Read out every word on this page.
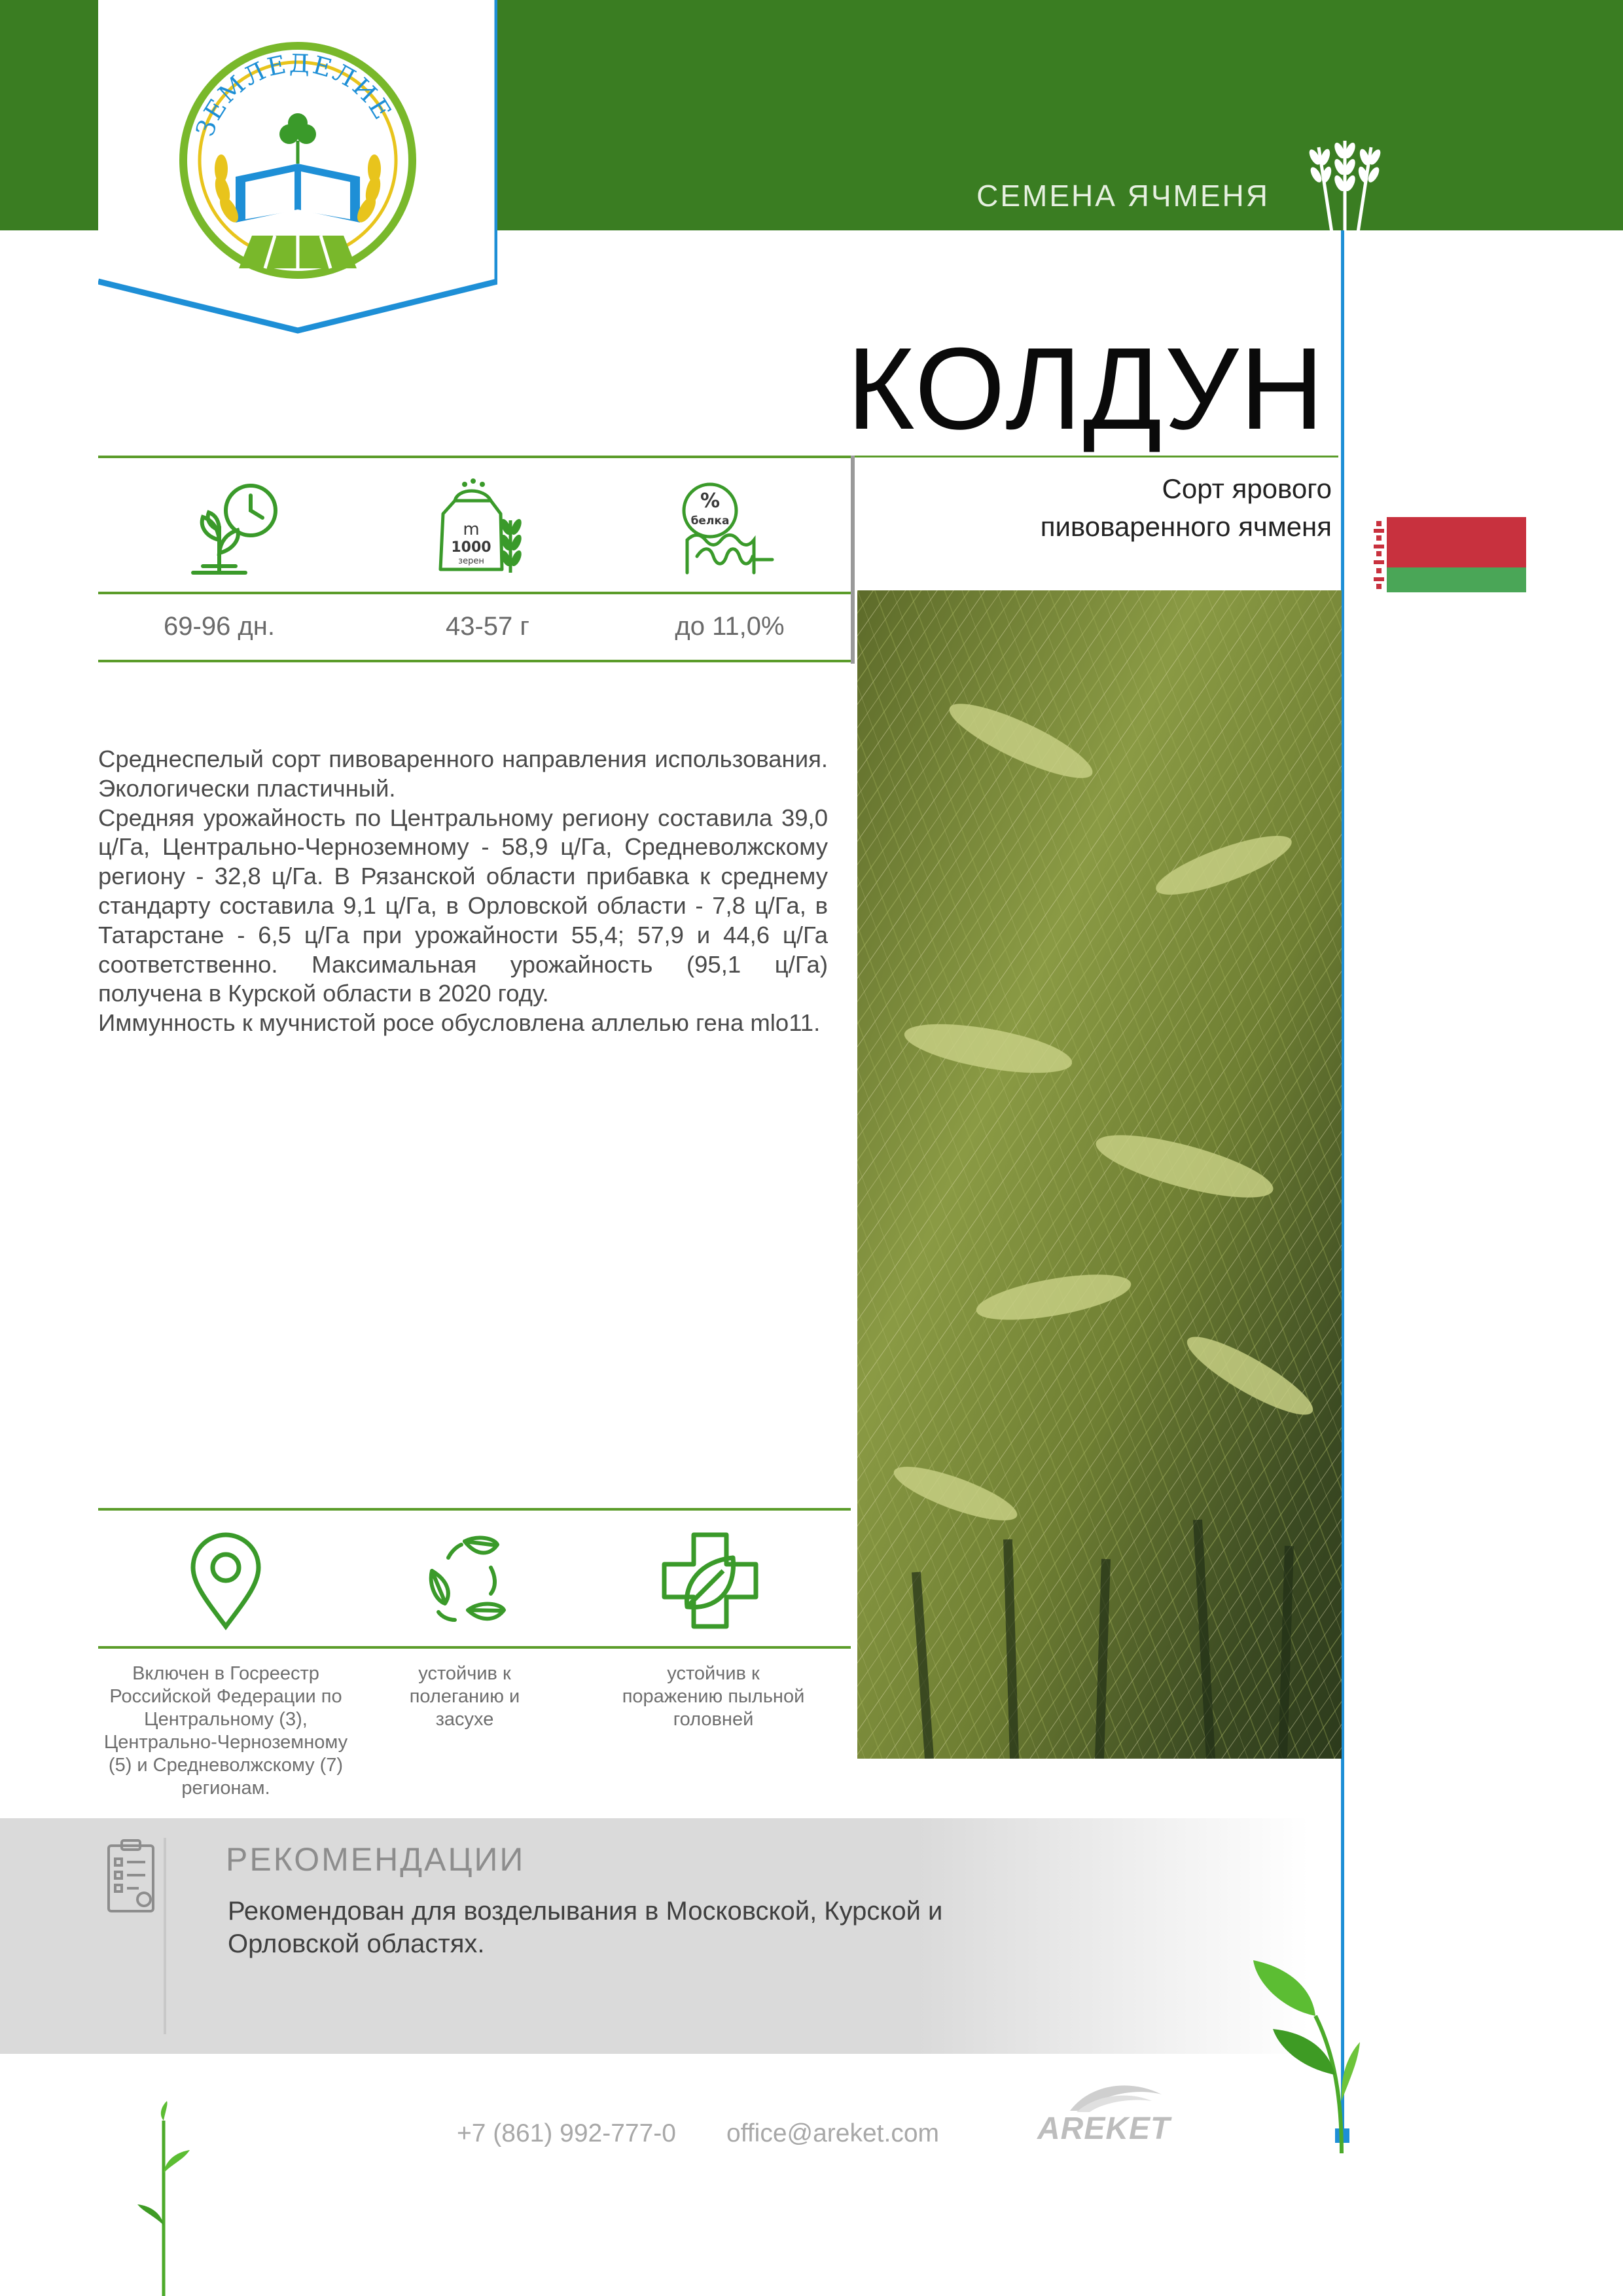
ЗЕМЛЕДЕЛИЕ
СЕМЕНА ЯЧМЕНЯ
КОЛДУН
Сорт ярового
пивоваренного ячменя
m
1000
зерен
%
белка
69-96 дн.	43-57 г	до 11,0%

Среднеспелый сорт пивоваренного направления использования. Экологически пластичный.

Средняя урожайность по Центральному региону составила 39,0 ц/Га, Центрально-Черноземному - 58,9 ц/Га, Средневолжскому региону - 32,8 ц/Га. В Рязанской области прибавка к среднему стандарту составила 9,1 ц/Га, в Орловской области - 7,8 ц/Га, в Татарстане - 6,5 ц/Га при урожайности 55,4; 57,9 и 44,6 ц/Га соответственно. Максимальная урожайность (95,1 ц/Га) получена в Курской области в 2020 году.

Иммунность к мучнистой росе обусловлена аллелью гена mlo11.

Включен в Госреестр Российской Федерации по Центральному (3), Центрально-Черноземному (5) и Средневолжскому (7) регионам.
устойчив к полеганию и засухе
устойчив к поражению пыльной головней
РЕКОМЕНДАЦИИ
Рекомендован для возделывания в Московской, Курской и Орловской областях.
+7 (861) 992-777-0 office@areket.com	AREKET
